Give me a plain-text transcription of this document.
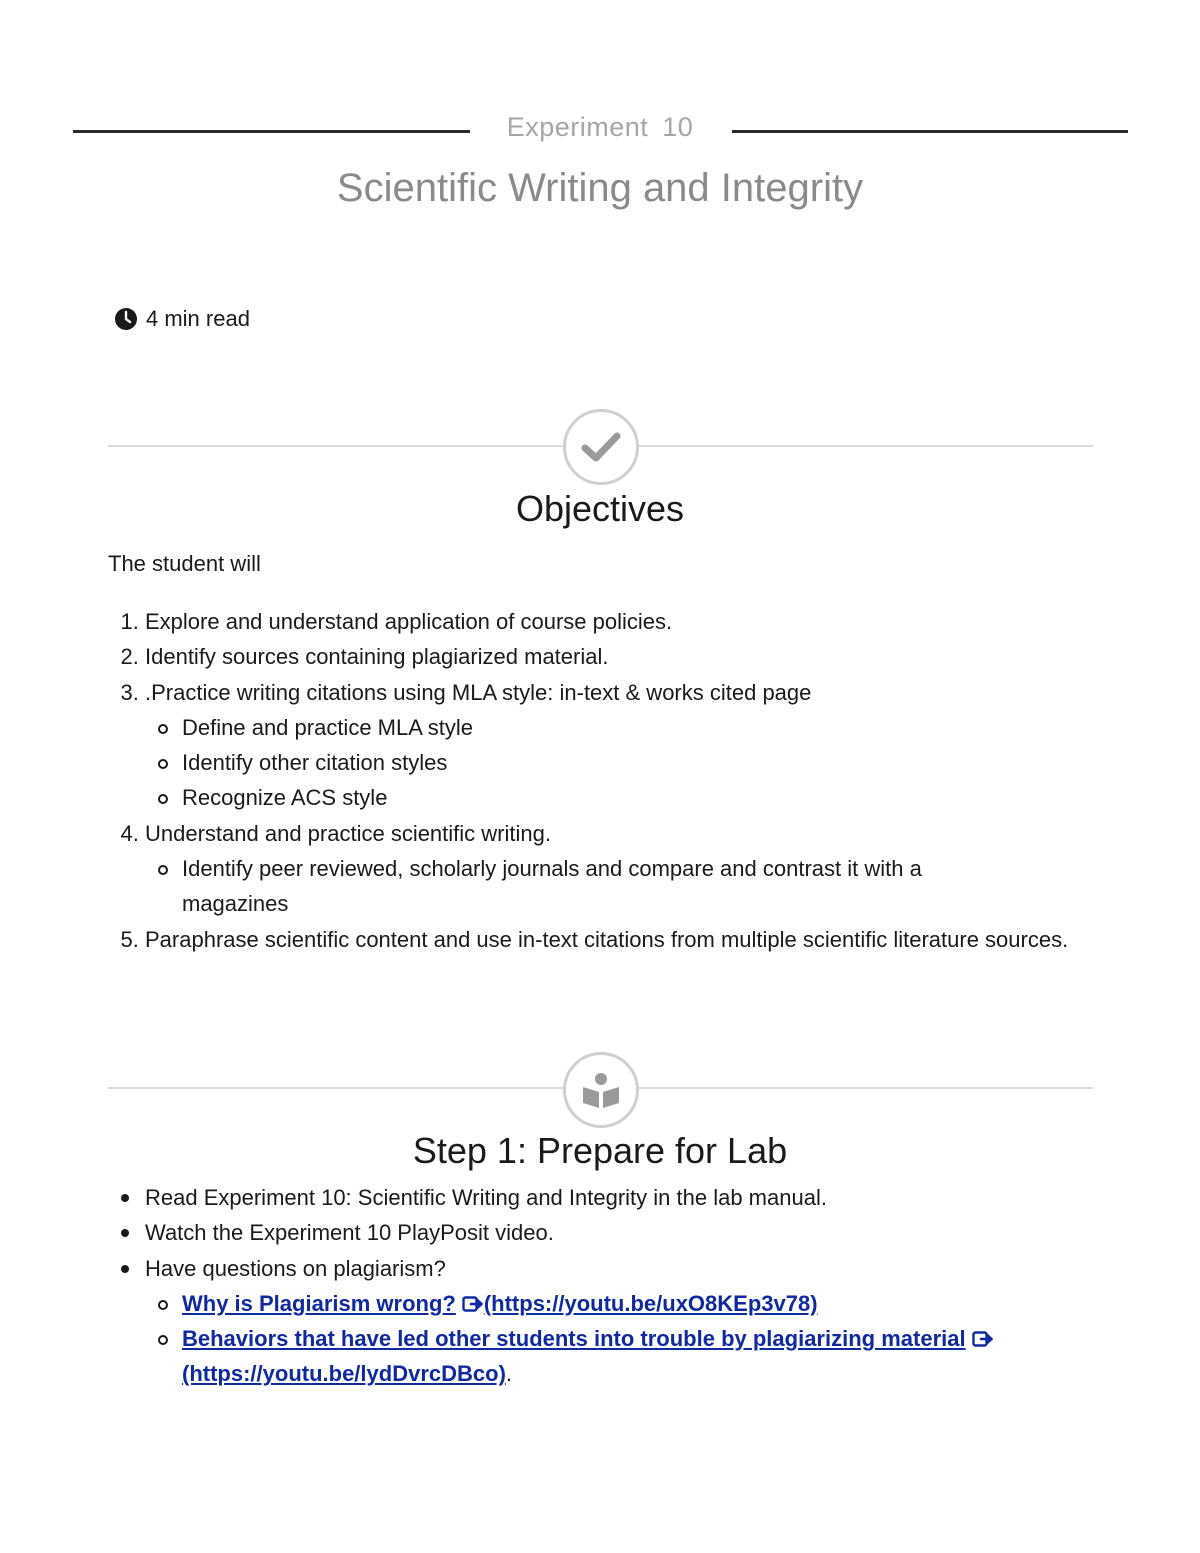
Experiment 10
Scientific Writing and Integrity
4 min read
Objectives

The student will

1. Explore and understand application of course policies.
2. Identify sources containing plagiarized material.
3. .Practice writing citations using MLA style: in-text & works cited page
Define and practice MLA style
Identify other citation styles
Recognize ACS style
4. Understand and practice scientific writing.
Identify peer reviewed, scholarly journals and compare and contrast it with a magazines
5. Paraphrase scientific content and use in-text citations from multiple scientific literature sources.
Step 1: Prepare for Lab
Read Experiment 10: Scientific Writing and Integrity in the lab manual.
Watch the Experiment 10 PlayPosit video.
Have questions on plagiarism?
Why is Plagiarism wrong? (https://youtu.be/uxO8KEp3v78)
Behaviors that have led other students into trouble by plagiarizing material
(https://youtu.be/lydDvrcDBco).
